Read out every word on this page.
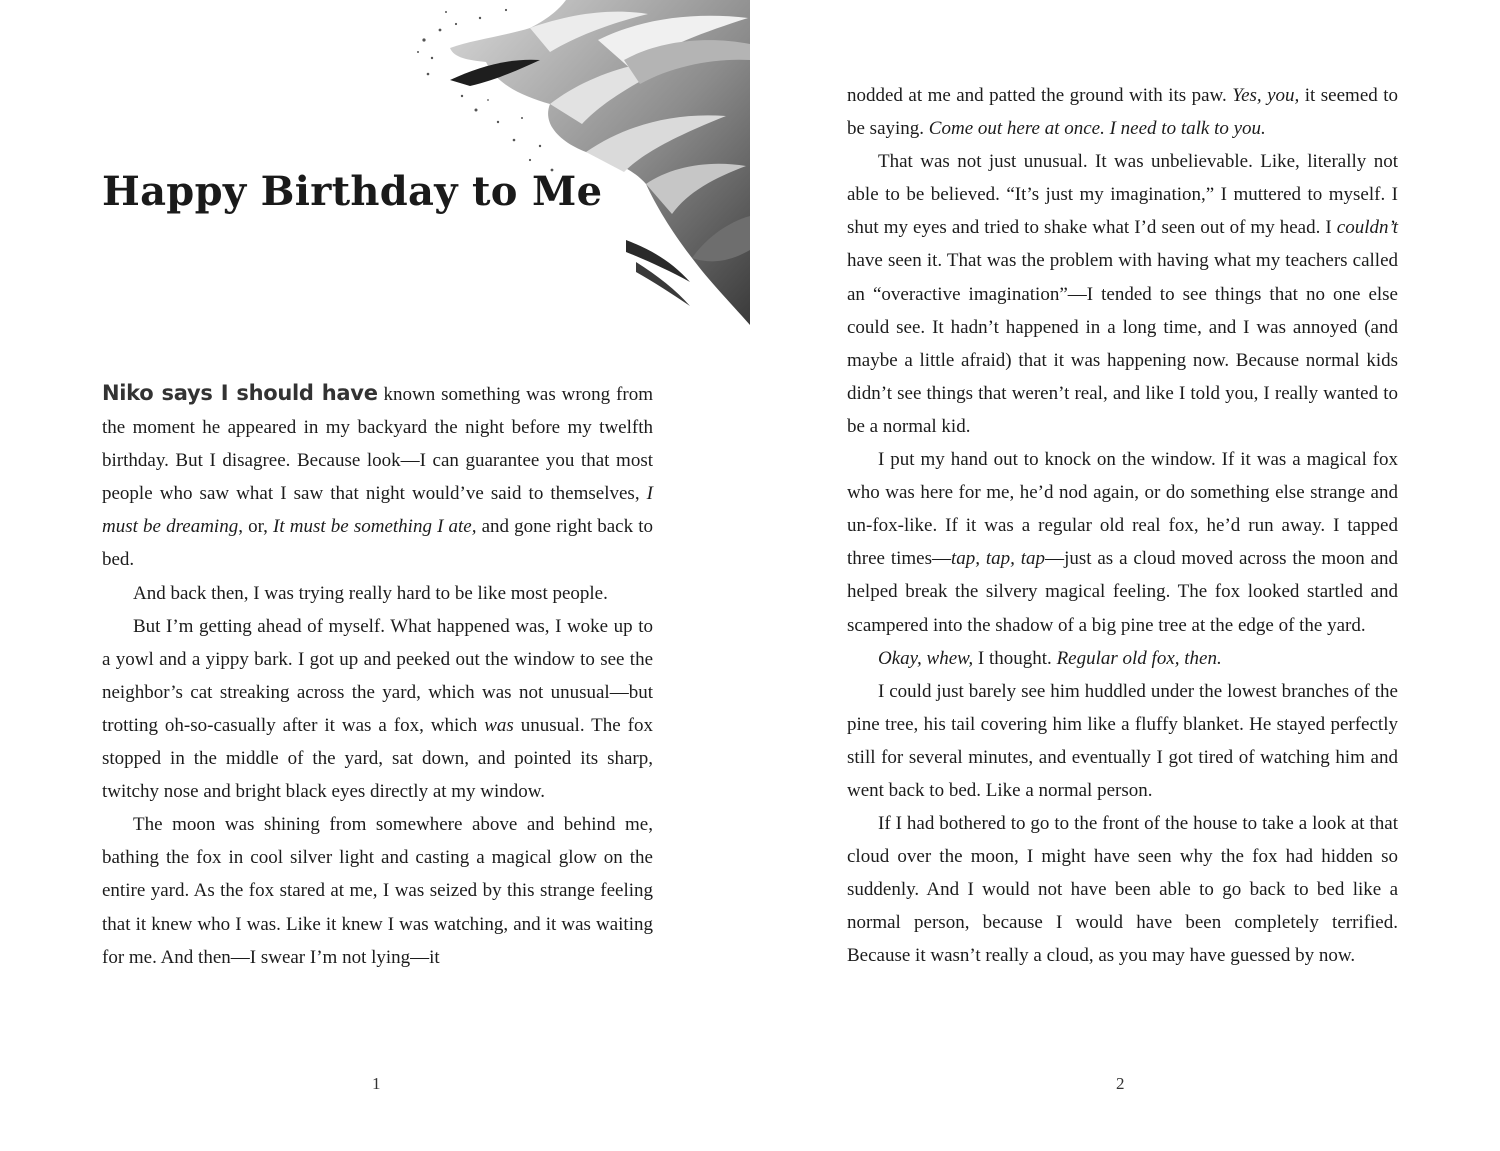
Happy Birthday to Me

Niko says I should have known something was wrong from the moment he appeared in my backyard the night before my twelfth birthday. But I disagree. Because look—I can guarantee you that most people who saw what I saw that night would’ve said to themselves, I must be dreaming, or, It must be something I ate, and gone right back to bed.

And back then, I was trying really hard to be like most people.

But I’m getting ahead of myself. What happened was, I woke up to a yowl and a yippy bark. I got up and peeked out the window to see the neighbor’s cat streaking across the yard, which was not unusual—but trotting oh-so-casually after it was a fox, which was unusual. The fox stopped in the middle of the yard, sat down, and pointed its sharp, twitchy nose and bright black eyes directly at my window.

The moon was shining from somewhere above and behind me, bathing the fox in cool silver light and casting a magical glow on the entire yard. As the fox stared at me, I was seized by this strange feeling that it knew who I was. Like it knew I was watching, and it was waiting for me. And then—I swear I’m not lying—it

1

nodded at me and patted the ground with its paw. Yes, you, it seemed to be saying. Come out here at once. I need to talk to you.

That was not just unusual. It was unbelievable. Like, literally not able to be believed. “It’s just my imagination,” I muttered to myself. I shut my eyes and tried to shake what I’d seen out of my head. I couldn’t have seen it. That was the problem with having what my teachers called an “overactive imagination”—I tended to see things that no one else could see. It hadn’t happened in a long time, and I was annoyed (and maybe a little afraid) that it was happening now. Because normal kids didn’t see things that weren’t real, and like I told you, I really wanted to be a normal kid.

I put my hand out to knock on the window. If it was a magical fox who was here for me, he’d nod again, or do something else strange and un-fox-like. If it was a regular old real fox, he’d run away. I tapped three times—tap, tap, tap—just as a cloud moved across the moon and helped break the silvery magical feeling. The fox looked startled and scampered into the shadow of a big pine tree at the edge of the yard.

Okay, whew, I thought. Regular old fox, then.

I could just barely see him huddled under the lowest branches of the pine tree, his tail covering him like a fluffy blanket. He stayed perfectly still for several minutes, and eventually I got tired of watching him and went back to bed. Like a normal person.

If I had bothered to go to the front of the house to take a look at that cloud over the moon, I might have seen why the fox had hidden so suddenly. And I would not have been able to go back to bed like a normal person, because I would have been completely terrified. Because it wasn’t really a cloud, as you may have guessed by now.

2
